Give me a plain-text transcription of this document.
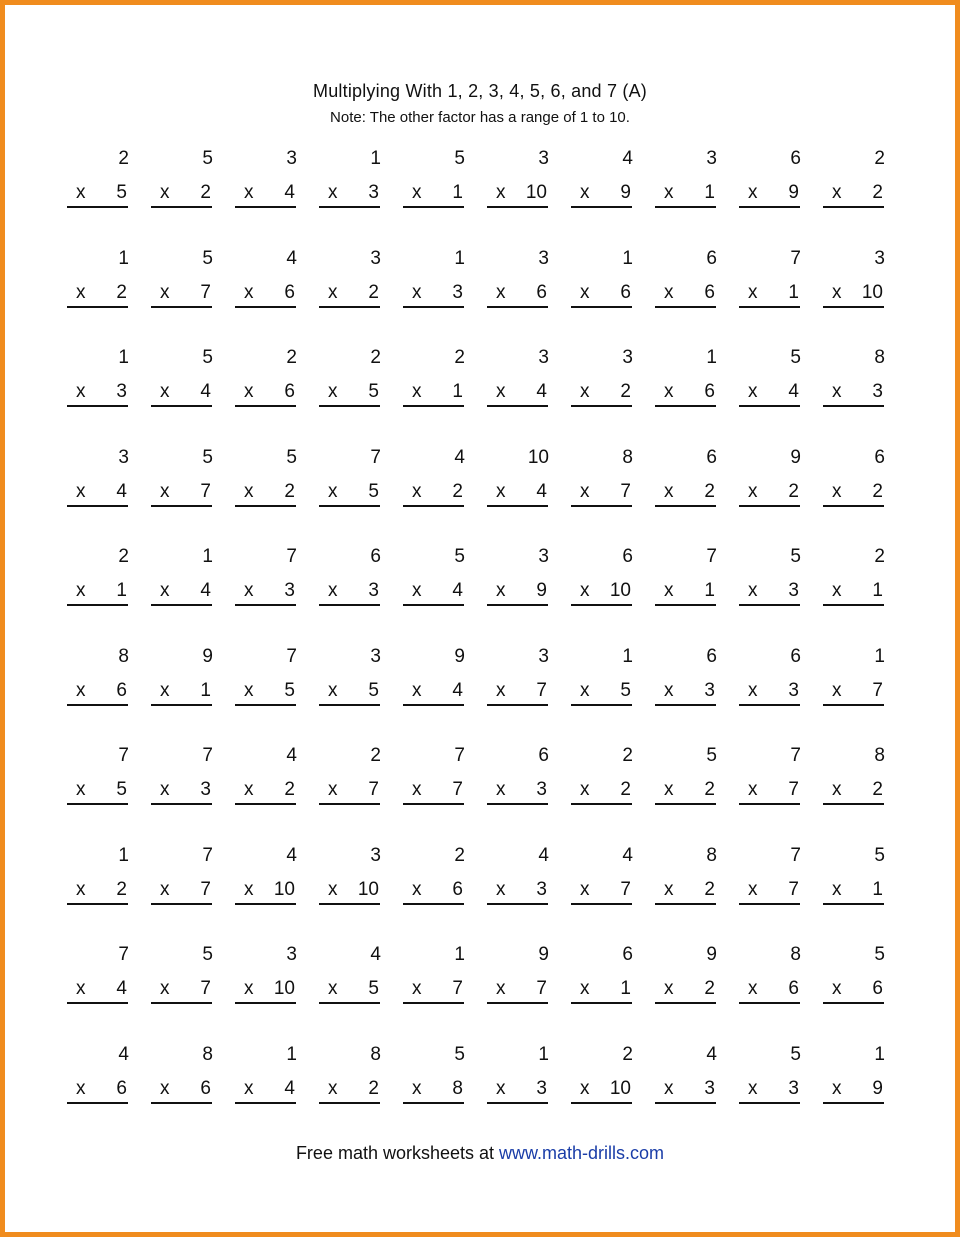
Multiplying With 1, 2, 3, 4, 5, 6, and 7 (A)
Note: The other factor has a range of 1 to 10.
2
x 5
5
x 2
3
x 4
1
x 3
5
x 1
3
x 10
4
x 9
3
x 1
6
x 9
2
x 2
1
x 2
5
x 7
4
x 6
3
x 2
1
x 3
3
x 6
1
x 6
6
x 6
7
x 1
3
x 10
1
x 3
5
x 4
2
x 6
2
x 5
2
x 1
3
x 4
3
x 2
1
x 6
5
x 4
8
x 3
3
x 4
5
x 7
5
x 2
7
x 5
4
x 2
10
x 4
8
x 7
6
x 2
9
x 2
6
x 2
2
x 1
1
x 4
7
x 3
6
x 3
5
x 4
3
x 9
6
x 10
7
x 1
5
x 3
2
x 1
8
x 6
9
x 1
7
x 5
3
x 5
9
x 4
3
x 7
1
x 5
6
x 3
6
x 3
1
x 7
7
x 5
7
x 3
4
x 2
2
x 7
7
x 7
6
x 3
2
x 2
5
x 2
7
x 7
8
x 2
1
x 2
7
x 7
4
x 10
3
x 10
2
x 6
4
x 3
4
x 7
8
x 2
7
x 7
5
x 1
7
x 4
5
x 7
3
x 10
4
x 5
1
x 7
9
x 7
6
x 1
9
x 2
8
x 6
5
x 6
4
x 6
8
x 6
1
x 4
8
x 2
5
x 8
1
x 3
2
x 10
4
x 3
5
x 3
1
x 9
Free math worksheets at www.math-drills.com
